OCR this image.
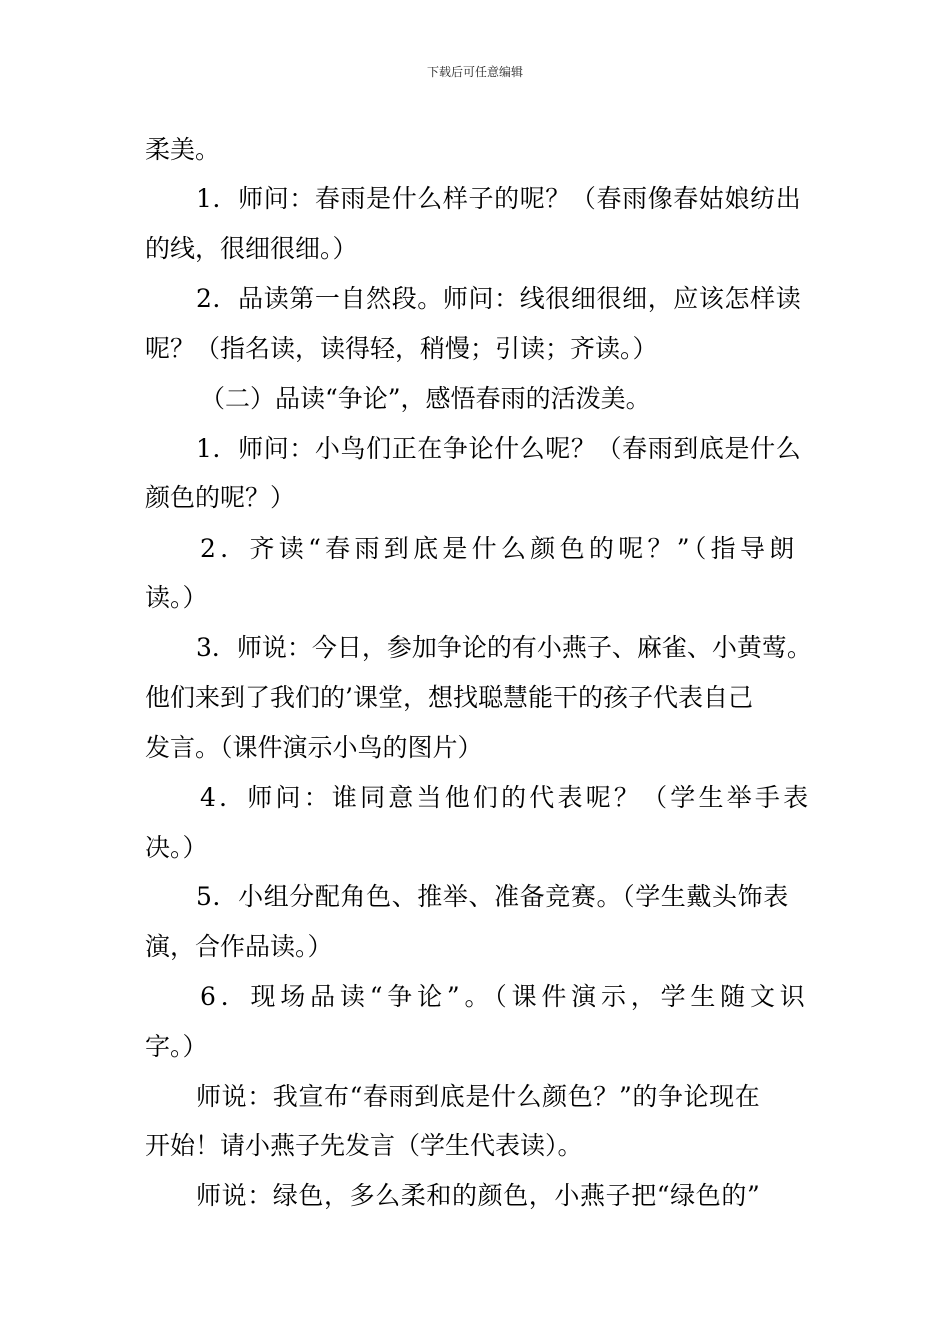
下载后可任意编辑
柔美。
1．师问：春雨是什么样子的呢？（春雨像春姑娘纺出
的线，很细很细。）
2．品读第一自然段。师问：线很细很细，应该怎样读
呢？（指名读，读得轻，稍慢；引读；齐读。）
（二）品读“争论”，感悟春雨的活泼美。
1．师问：小鸟们正在争论什么呢？（春雨到底是什么
颜色的呢？）
2．齐读“春雨到底是什么颜色的呢？”（指导朗
读。）
3．师说：今日，参加争论的有小燕子、麻雀、小黄莺。
他们来到了我们的’课堂，想找聪慧能干的孩子代表自己
发言。（课件演示小鸟的图片）
4．师问：谁同意当他们的代表呢？（学生举手表
决。）
5．小组分配角色、推举、准备竞赛。（学生戴头饰表
演，合作品读。）
6．现场品读“争论”。（课件演示，学生随文识
字。）
师说：我宣布“春雨到底是什么颜色？”的争论现在
开始！请小燕子先发言（学生代表读）。
师说：绿色，多么柔和的颜色，小燕子把“绿色的”
